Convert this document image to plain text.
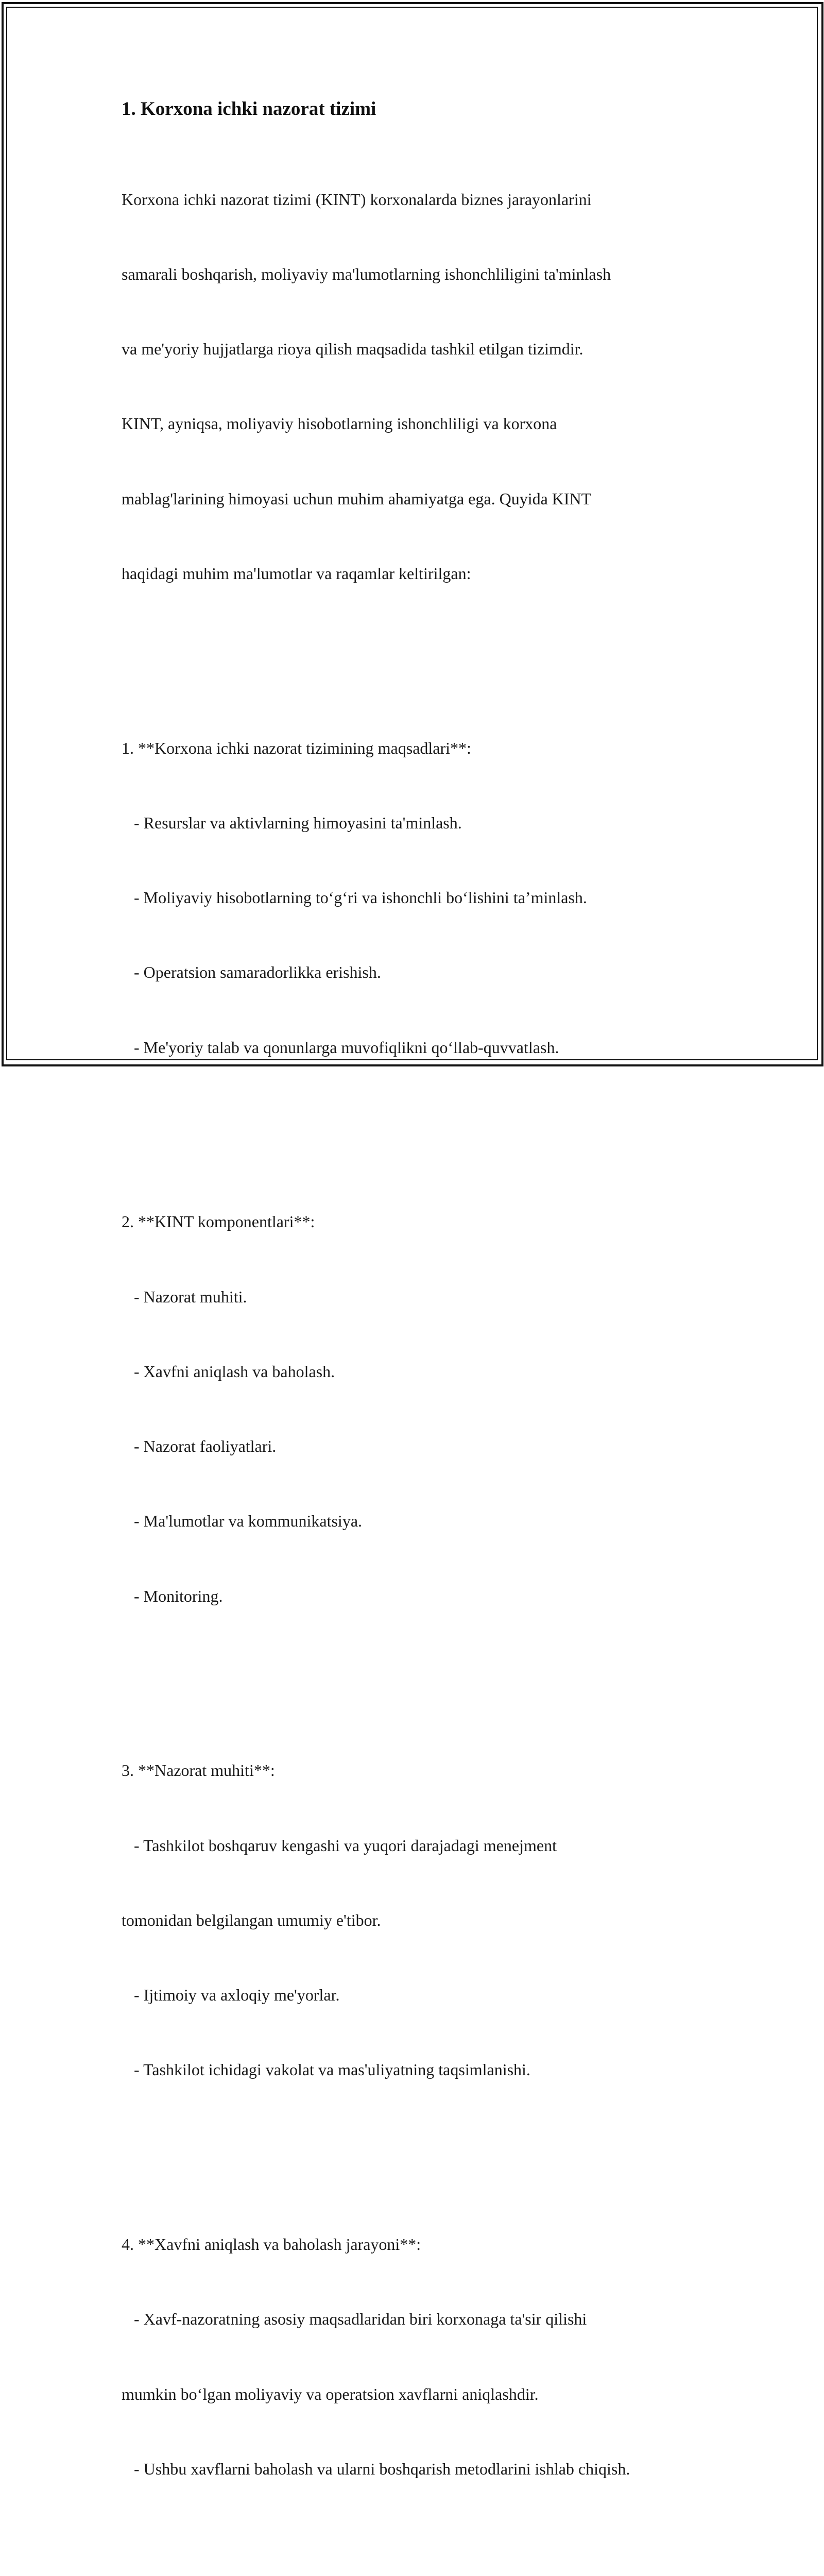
1. Korxona ichki nazorat tizimi

Korxona ichki nazorat tizimi (KINT) korxonalarda biznes jarayonlarini

samarali boshqarish, moliyaviy ma'lumotlarning ishonchliligini ta'minlash

va me'yoriy hujjatlarga rioya qilish maqsadida tashkil etilgan tizimdir.

KINT, ayniqsa, moliyaviy hisobotlarning ishonchliligi va korxona

mablag'larining himoyasi uchun muhim ahamiyatga ega. Quyida KINT

haqidagi muhim ma'lumotlar va raqamlar keltirilgan:

1. **Korxona ichki nazorat tizimining maqsadlari**:

- Resurslar va aktivlarning himoyasini ta'minlash.

- Moliyaviy hisobotlarning to‘g‘ri va ishonchli bo‘lishini ta’minlash.

- Operatsion samaradorlikka erishish.

- Me'yoriy talab va qonunlarga muvofiqlikni qo‘llab-quvvatlash.

2. **KINT komponentlari**:

- Nazorat muhiti.

- Xavfni aniqlash va baholash.

- Nazorat faoliyatlari.

- Ma'lumotlar va kommunikatsiya.

- Monitoring.

3. **Nazorat muhiti**:

- Tashkilot boshqaruv kengashi va yuqori darajadagi menejment

tomonidan belgilangan umumiy e'tibor.

- Ijtimoiy va axloqiy me'yorlar.

- Tashkilot ichidagi vakolat va mas'uliyatning taqsimlanishi.

4. **Xavfni aniqlash va baholash jarayoni**:

- Xavf-nazoratning asosiy maqsadlaridan biri korxonaga ta'sir qilishi

mumkin bo‘lgan moliyaviy va operatsion xavflarni aniqlashdir.

- Ushbu xavflarni baholash va ularni boshqarish metodlarini ishlab chiqish.
